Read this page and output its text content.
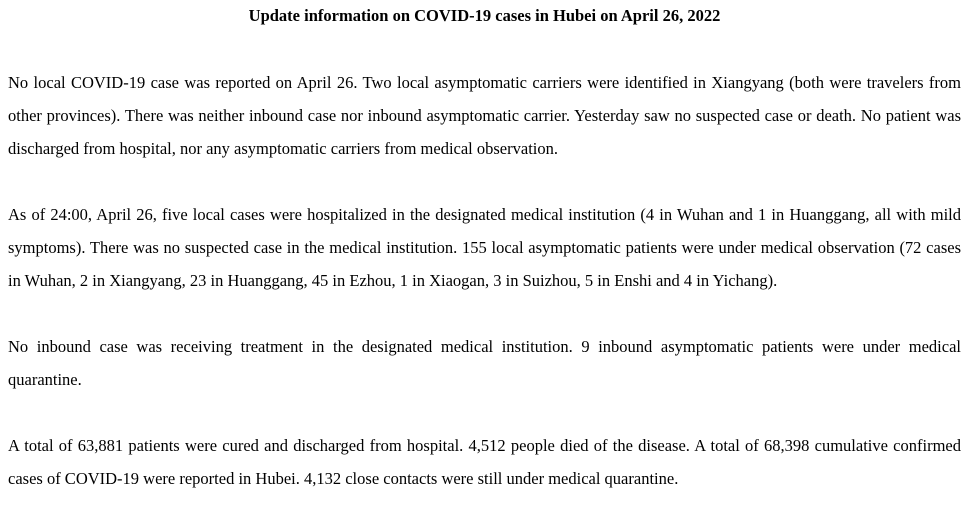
Update information on COVID-19 cases in Hubei on April 26, 2022

No local COVID-19 case was reported on April 26. Two local asymptomatic carriers were identified in Xiangyang (both were travelers from other provinces). There was neither inbound case nor inbound asymptomatic carrier. Yesterday saw no suspected case or death. No patient was discharged from hospital, nor any asymptomatic carriers from medical observation.

As of 24:00, April 26, five local cases were hospitalized in the designated medical institution (4 in Wuhan and 1 in Huanggang, all with mild symptoms). There was no suspected case in the medical institution. 155 local asymptomatic patients were under medical observation (72 cases in Wuhan, 2 in Xiangyang, 23 in Huanggang, 45 in Ezhou, 1 in Xiaogan, 3 in Suizhou, 5 in Enshi and 4 in Yichang).

No inbound case was receiving treatment in the designated medical institution. 9 inbound asymptomatic patients were under medical quarantine.

A total of 63,881 patients were cured and discharged from hospital. 4,512 people died of the disease. A total of 68,398 cumulative confirmed cases of COVID-19 were reported in Hubei. 4,132 close contacts were still under medical quarantine.
